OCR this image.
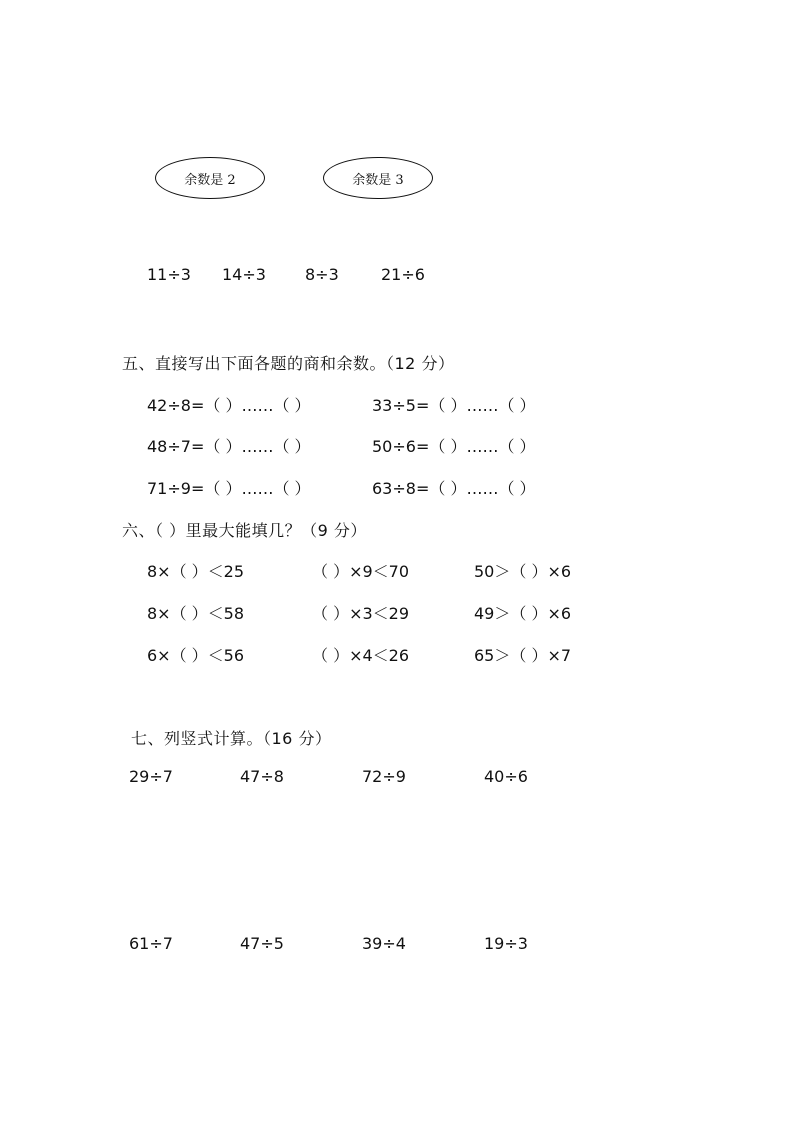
余数是 2	余数是 3
11÷3 14÷3 8÷3	21÷6
五、直接写出下面各题的商和余数。（12 分）
42÷8=（ ）……（ ）	33÷5=（ ）……（ ）
48÷7=（ ）……（ ）	50÷6=（ ）……（ ）
71÷9=（ ）……（ ）	63÷8=（ ）……（ ）
六、（ ）里最大能填几？（9 分）
8×（ ）＜25	（ ）×9＜70	50＞（ ）×6
8×（ ）＜58	（ ）×3＜29	49＞（ ）×6
6×（ ）＜56	（ ）×4＜26	65＞（ ）×7
七、列竖式计算。（16 分）
29÷7	47÷8	72÷9	40÷6
61÷7	47÷5	39÷4	19÷3
